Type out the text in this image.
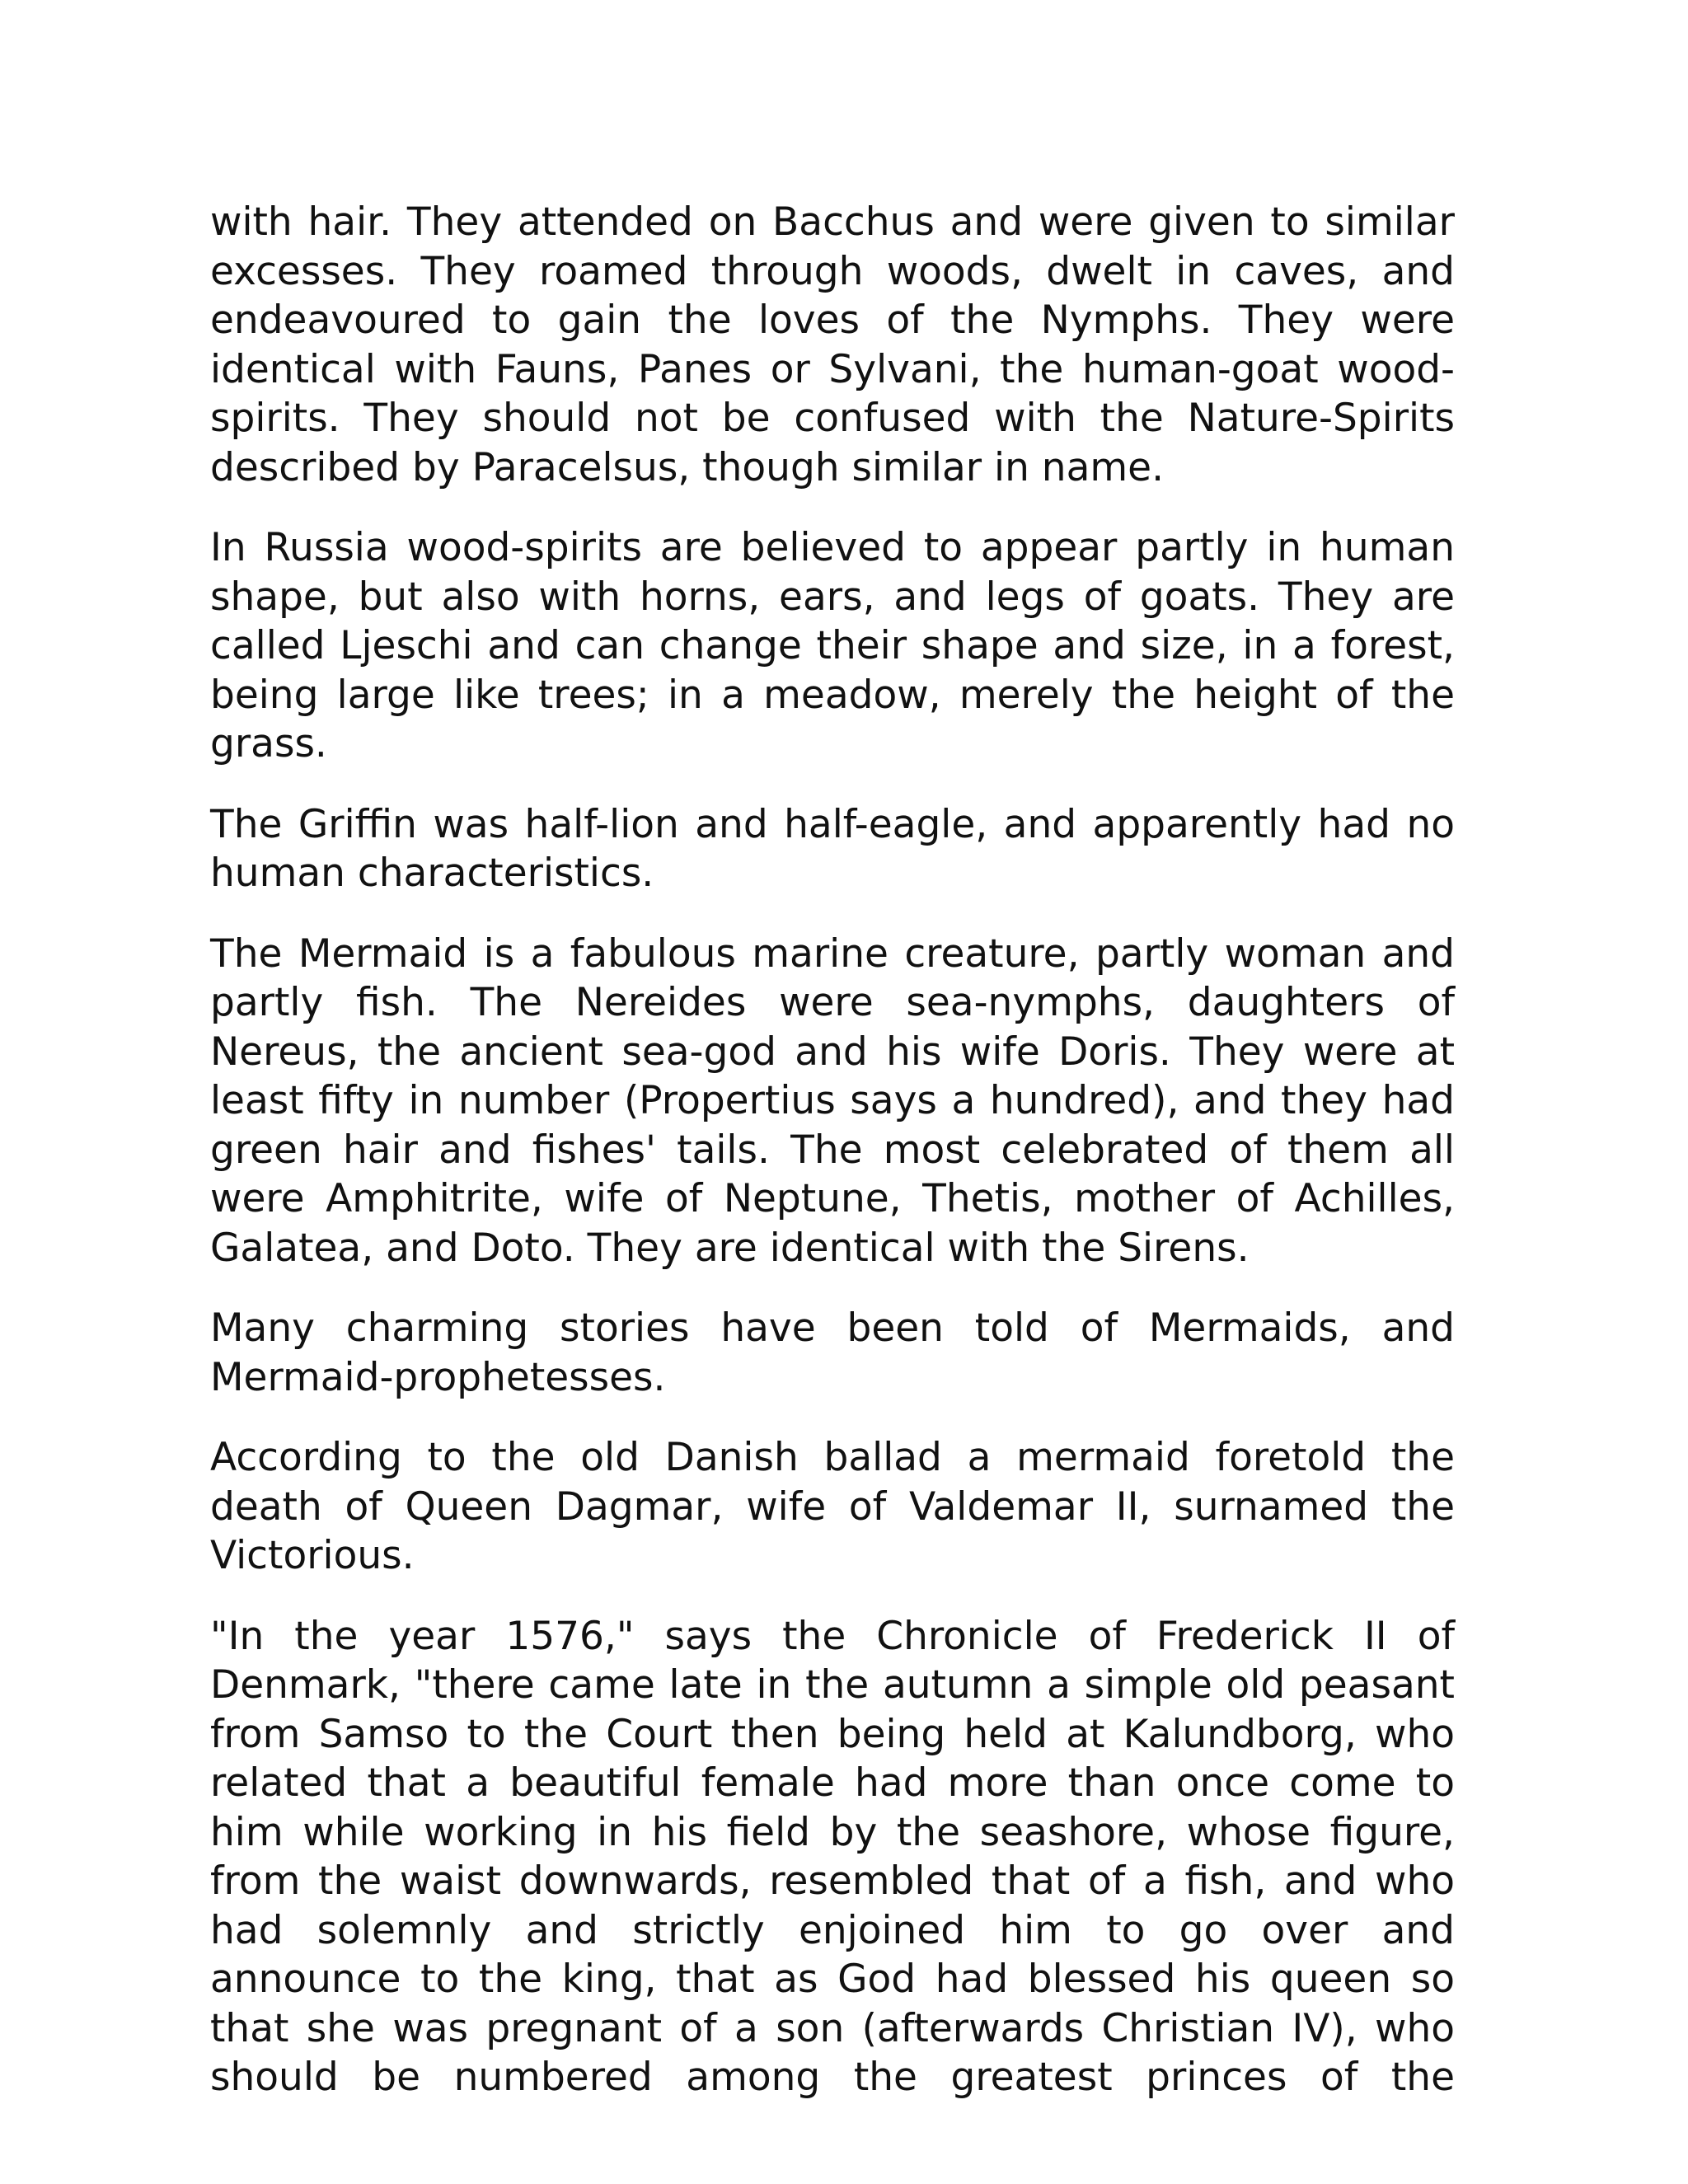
with hair. They attended on Bacchus and were given to similar excesses. They roamed through woods, dwelt in caves, and endeavoured to gain the loves of the Nymphs. They were identical with Fauns, Panes or Sylvani, the human-goat wood-spirits. They should not be confused with the Nature-Spirits described by Paracelsus, though similar in name.

In Russia wood-spirits are believed to appear partly in human shape, but also with horns, ears, and legs of goats. They are called Ljeschi and can change their shape and size, in a forest, being large like trees; in a meadow, merely the height of the grass.

The Griffin was half-lion and half-eagle, and apparently had no human characteristics.

The Mermaid is a fabulous marine creature, partly woman and partly fish. The Nereides were sea-nymphs, daughters of Nereus, the ancient sea-god and his wife Doris. They were at least fifty in number (Propertius says a hundred), and they had green hair and fishes' tails. The most celebrated of them all were Amphitrite, wife of Neptune, Thetis, mother of Achilles, Galatea, and Doto. They are identical with the Sirens.

Many charming stories have been told of Mermaids, and Mermaid-prophetesses.

According to the old Danish ballad a mermaid foretold the death of Queen Dagmar, wife of Valdemar II, surnamed the Victorious.

"In the year 1576," says the Chronicle of Frederick II of Denmark, "there came late in the autumn a simple old peasant from Samso to the Court then being held at Kalundborg, who related that a beautiful female had more than once come to him while working in his field by the seashore, whose figure, from the waist downwards, resembled that of a fish, and who had solemnly and strictly enjoined him to go over and announce to the king, that as God had blessed his queen so that she was pregnant of a son (afterwards Christian IV), who should be numbered among the greatest princes of the
